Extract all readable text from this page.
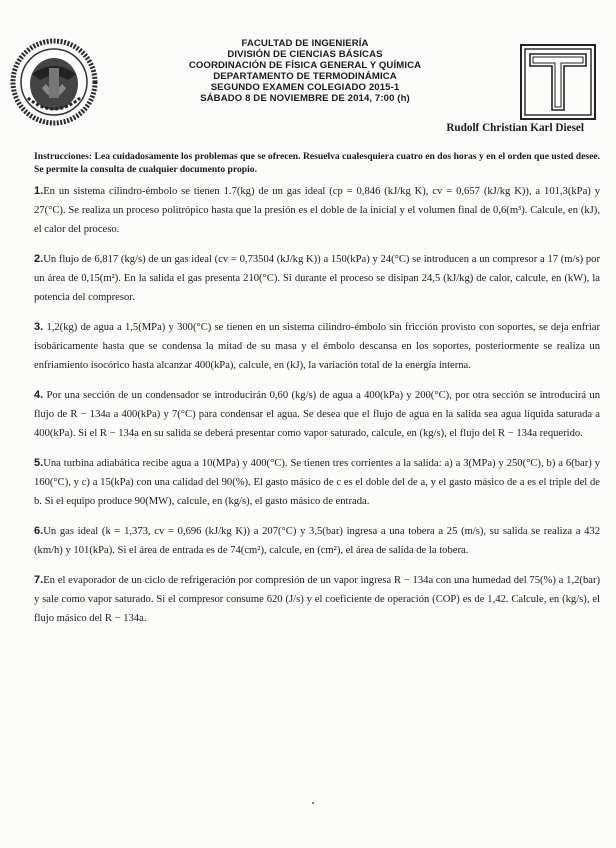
FACULTAD DE INGENIERÍA
DIVISIÓN DE CIENCIAS BÁSICAS
COORDINACIÓN DE FÍSICA GENERAL Y QUÍMICA
DEPARTAMENTO DE TERMODINÁMICA
SEGUNDO EXAMEN COLEGIADO 2015-1
SÁBADO 8 DE NOVIEMBRE DE 2014, 7:00 (h)
Rudolf Christian Karl Diesel
Instrucciones: Lea cuidadosamente los problemas que se ofrecen. Resuelva cualesquiera cuatro en dos horas y en el orden que usted desee. Se permite la consulta de cualquier documento propio.
1.En un sistema cilindro-émbolo se tienen 1.7(kg) de un gas ideal (cp = 0,846 (kJ/kg K), cv = 0,657 (kJ/kg K)), a 101,3(kPa) y 27(°C). Se realiza un proceso politrópico hasta que la presión es el doble de la inicial y el volumen final de 0,6(m³). Calcule, en (kJ), el calor del proceso.
2.Un flujo de 6,817 (kg/s) de un gas ideal (cv = 0,73504 (kJ/kg K)) a 150(kPa) y 24(°C) se introducen a un compresor a 17 (m/s) por un área de 0,15(m²). En la salida el gas presenta 210(°C). Si durante el proceso se disipan 24,5 (kJ/kg) de calor, calcule, en (kW), la potencia del compresor.
3. 1,2(kg) de agua a 1,5(MPa) y 300(°C) se tienen en un sistema cilindro-émbolo sin fricción provisto con soportes, se deja enfriar isobáricamente hasta que se condensa la mitad de su masa y el émbolo descansa en los soportes, posteriormente se realiza un enfriamiento isocórico hasta alcanzar 400(kPa), calcule, en (kJ), la variación total de la energía interna.
4. Por una sección de un condensador se introducirán 0,60 (kg/s) de agua a 400(kPa) y 200(°C), por otra sección se introducirá un flujo de R − 134a a 400(kPa) y 7(°C) para condensar el agua. Se desea que el flujo de agua en la salida sea agua líquida saturada a 400(kPa). Si el R − 134a en su salida se deberá presentar como vapor saturado, calcule, en (kg/s), el flujo del R − 134a requerido.
5.Una turbina adiabática recibe agua a 10(MPa) y 400(°C). Se tienen tres corrientes a la salida: a) a 3(MPa) y 250(°C), b) a 6(bar) y 160(°C), y c) a 15(kPa) con una calidad del 90(%). El gasto másico de c es el doble del de a, y el gasto másico de a es el triple del de b. Si el equipo produce 90(MW), calcule, en (kg/s), el gasto másico de entrada.
6.Un gas ideal (k = 1,373, cv = 0,696 (kJ/kg K)) a 207(°C) y 3,5(bar) ingresa a una tobera a 25 (m/s), su salida se realiza a 432 (km/h) y 101(kPa). Si el área de entrada es de 74(cm²), calcule, en (cm²), el área de salida de la tobera.
7.En el evaporador de un ciclo de refrigeración por compresión de un vapor ingresa R − 134a con una humedad del 75(%) a 1,2(bar) y sale como vapor saturado. Si el compresor consume 620 (J/s) y el coeficiente de operación (COP) es de 1,42. Calcule, en (kg/s), el flujo másico del R − 134a.
